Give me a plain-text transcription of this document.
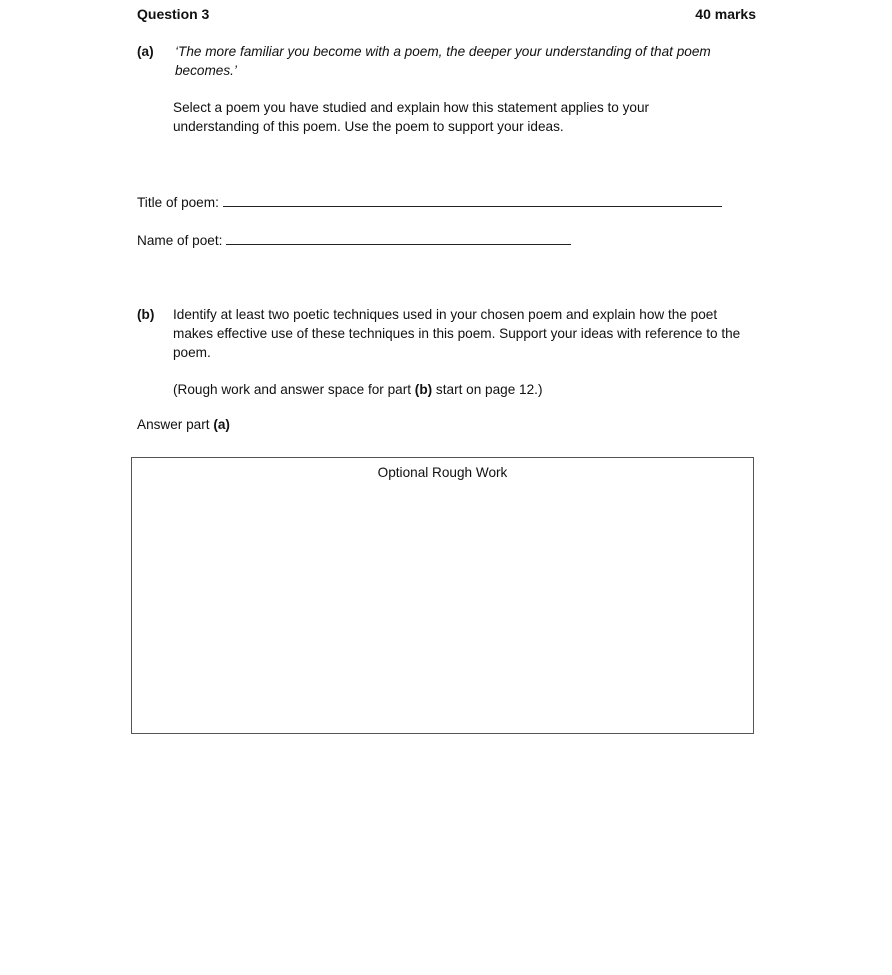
Question 3	40 marks
(a) ‘The more familiar you become with a poem, the deeper your understanding of that poem becomes.’
Select a poem you have studied and explain how this statement applies to your understanding of this poem. Use the poem to support your ideas.
Title of poem:
Name of poet:
(b) Identify at least two poetic techniques used in your chosen poem and explain how the poet makes effective use of these techniques in this poem. Support your ideas with reference to the poem.
(Rough work and answer space for part (b) start on page 12.)
Answer part (a)
Optional Rough Work
